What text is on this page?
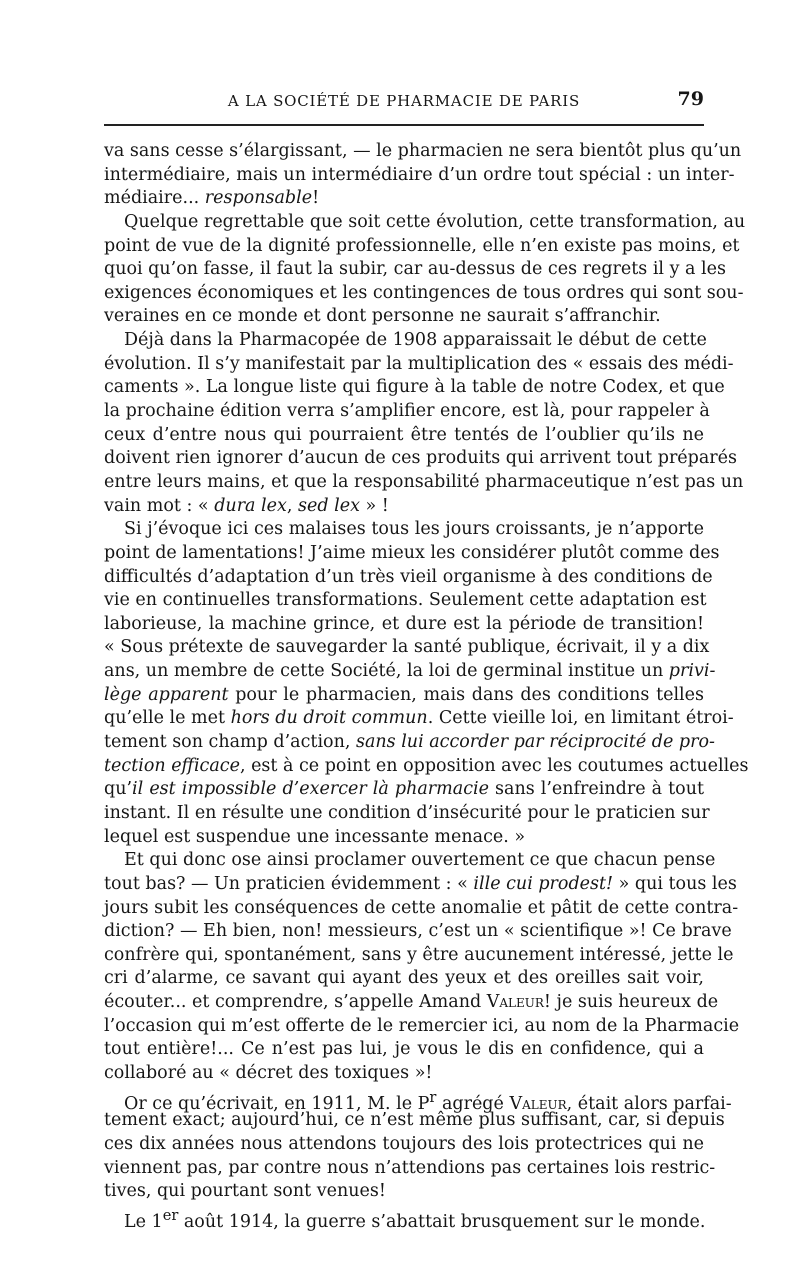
A LA SOCIÉTÉ DE PHARMACIE DE PARIS	79
va sans cesse s’élargissant, — le pharmacien ne sera bientôt plus qu’un
intermédiaire, mais un intermédiaire d’un ordre tout spécial : un inter-
médiaire... responsable!
Quelque regrettable que soit cette évolution, cette transformation, au
point de vue de la dignité professionnelle, elle n’en existe pas moins, et
quoi qu’on fasse, il faut la subir, car au-dessus de ces regrets il y a les
exigences économiques et les contingences de tous ordres qui sont sou-
veraines en ce monde et dont personne ne saurait s’affranchir.
Déjà dans la Pharmacopée de 1908 apparaissait le début de cette
évolution. Il s’y manifestait par la multiplication des « essais des médi-
caments ». La longue liste qui figure à la table de notre Codex, et que
la prochaine édition verra s’amplifier encore, est là, pour rappeler à
ceux d’entre nous qui pourraient être tentés de l’oublier qu’ils ne
doivent rien ignorer d’aucun de ces produits qui arrivent tout préparés
entre leurs mains, et que la responsabilité pharmaceutique n’est pas un
vain mot : « dura lex, sed lex » !
Si j’évoque ici ces malaises tous les jours croissants, je n’apporte
point de lamentations! J’aime mieux les considérer plutôt comme des
difficultés d’adaptation d’un très vieil organisme à des conditions de
vie en continuelles transformations. Seulement cette adaptation est
laborieuse, la machine grince, et dure est la période de transition!
« Sous prétexte de sauvegarder la santé publique, écrivait, il y a dix
ans, un membre de cette Société, la loi de germinal institue un privi-
lège apparent pour le pharmacien, mais dans des conditions telles
qu’elle le met hors du droit commun. Cette vieille loi, en limitant étroi-
tement son champ d’action, sans lui accorder par réciprocité de pro-
tection efficace, est à ce point en opposition avec les coutumes actuelles
qu’il est impossible d’exercer là pharmacie sans l’enfreindre à tout
instant. Il en résulte une condition d’insécurité pour le praticien sur
lequel est suspendue une incessante menace. »
Et qui donc ose ainsi proclamer ouvertement ce que chacun pense
tout bas? — Un praticien évidemment : « ille cui prodest! » qui tous les
jours subit les conséquences de cette anomalie et pâtit de cette contra-
diction? — Eh bien, non! messieurs, c’est un « scientifique »! Ce brave
confrère qui, spontanément, sans y être aucunement intéressé, jette le
cri d’alarme, ce savant qui ayant des yeux et des oreilles sait voir,
écouter... et comprendre, s’appelle Amand Valeur! je suis heureux de
l’occasion qui m’est offerte de le remercier ici, au nom de la Pharmacie
tout entière!... Ce n’est pas lui, je vous le dis en confidence, qui a
collaboré au « décret des toxiques »!
Or ce qu’écrivait, en 1911, M. le $P^r$ agrégé Valeur, était alors parfai-
tement exact; aujourd’hui, ce n’est même plus suffisant, car, si depuis
ces dix années nous attendons toujours des lois protectrices qui ne
viennent pas, par contre nous n’attendions pas certaines lois restric-
tives, qui pourtant sont venues!
Le 1er août 1914, la guerre s’abattait brusquement sur le monde.
